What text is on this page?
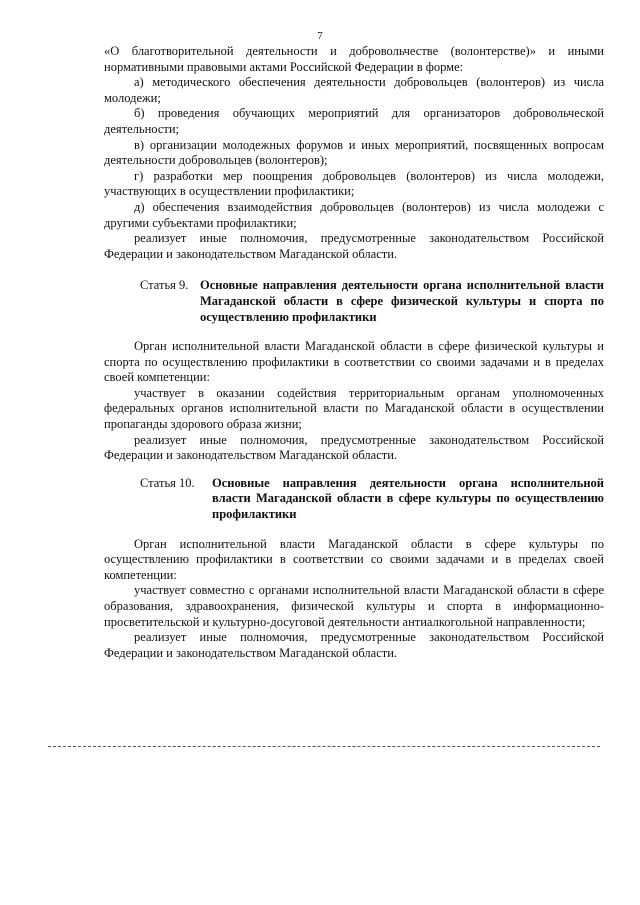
7

«О благотворительной деятельности и добровольчестве (волонтерстве)» и иными нормативными правовыми актами Российской Федерации в форме:

а) методического обеспечения деятельности добровольцев (волонтеров) из числа молодежи;

б) проведения обучающих мероприятий для организаторов добровольческой деятельности;

в) организации молодежных форумов и иных мероприятий, посвященных вопросам деятельности добровольцев (волонтеров);

г) разработки мер поощрения добровольцев (волонтеров) из числа молодежи, участвующих в осуществлении профилактики;

д) обеспечения взаимодействия добровольцев (волонтеров) из числа молодежи с другими субъектами профилактики;

реализует иные полномочия, предусмотренные законодательством Российской Федерации и законодательством Магаданской области.

Статья 9. Основные направления деятельности органа исполнительной власти Магаданской области в сфере физической культуры и спорта по осуществлению профилактики

Орган исполнительной власти Магаданской области в сфере физической культуры и спорта по осуществлению профилактики в соответствии со своими задачами и в пределах своей компетенции:

участвует в оказании содействия территориальным органам уполномоченных федеральных органов исполнительной власти по Магаданской области в осуществлении пропаганды здорового образа жизни;

реализует иные полномочия, предусмотренные законодательством Российской Федерации и законодательством Магаданской области.

Статья 10.	Основные направления деятельности органа исполнительной власти Магаданской области в сфере культуры по осуществлению профилактики

Орган исполнительной власти Магаданской области в сфере культуры по осуществлению профилактики в соответствии со своими задачами и в пределах своей компетенции:

участвует совместно с органами исполнительной власти Магаданской области в сфере образования, здравоохранения, физической культуры и спорта в информационно-просветительской и культурно-досуговой деятельности антиалкогольной направленности;

реализует иные полномочия, предусмотренные законодательством Российской Федерации и законодательством Магаданской области.
